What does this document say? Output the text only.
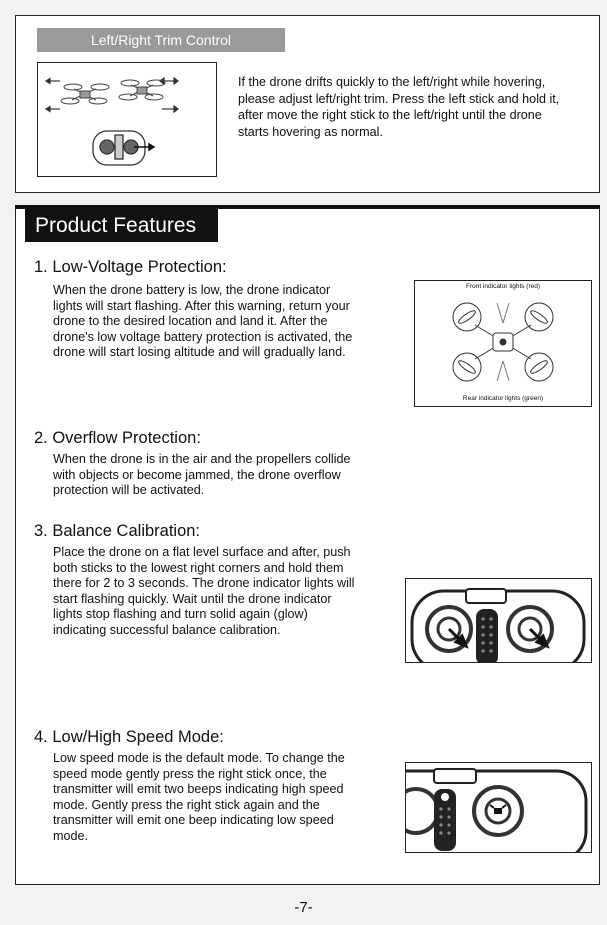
Left/Right Trim Control
If the drone drifts quickly to the left/right while hovering, please adjust left/right trim. Press the left stick and hold it, after move the right stick to the left/right until the drone starts hovering as normal.
Product Features
1. Low-Voltage Protection:
When the drone battery is low, the drone indicator lights will start flashing. After this warning, return your drone to the desired location and land it. After the drone's low voltage battery protection is activated, the drone will start losing altitude and will gradually land.
Front indicator lights (red)
Rear indicator lights (green)
2. Overflow Protection:
When the drone is in the air and the propellers collide with objects or become jammed, the drone overflow protection will be activated.
3. Balance Calibration:
Place the drone on a flat level surface and after, push both sticks to the lowest right corners and hold them there for 2 to 3 seconds. The drone indicator lights will start flashing quickly. Wait until the drone indicator lights stop flashing and turn solid again (glow) indicating successful balance calibration.
4. Low/High Speed Mode:
Low speed mode is the default mode. To change the speed mode gently press the right stick once, the transmitter will emit two beeps indicating high speed mode. Gently press the right stick again and the transmitter will emit one beep indicating low speed mode.
-7-
